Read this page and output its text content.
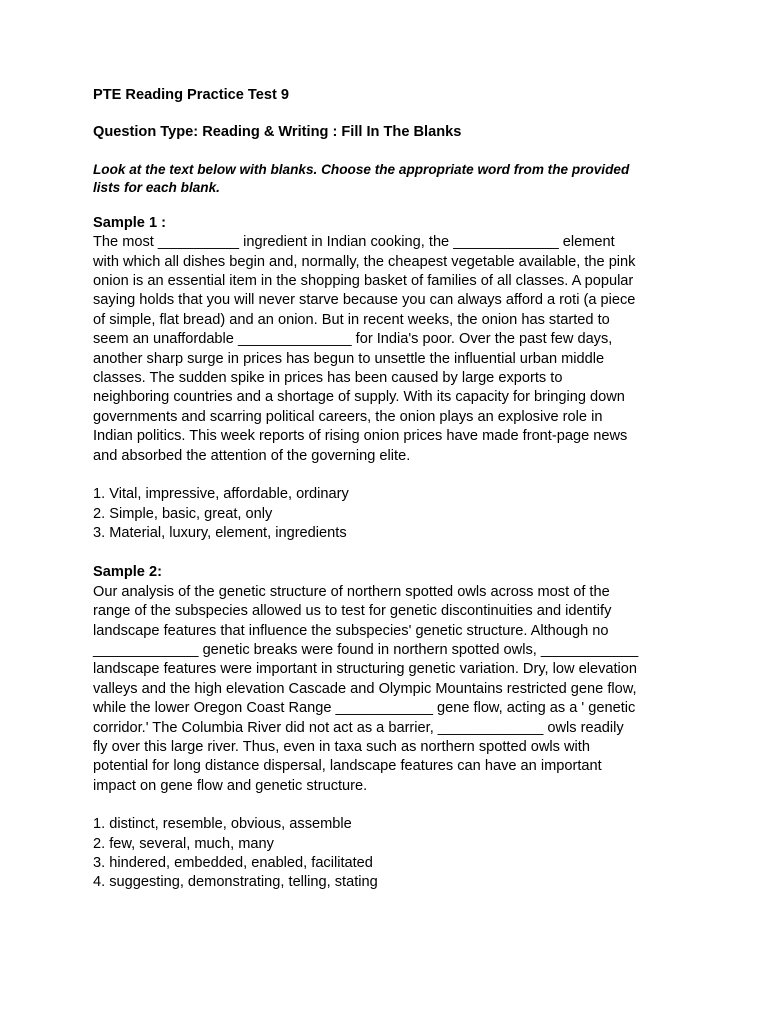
PTE Reading Practice Test 9
Question Type: Reading & Writing : Fill In The Blanks
Look at the text below with blanks. Choose the appropriate word from the provided
lists for each blank.
Sample 1 :
The most __________ ingredient in Indian cooking, the _____________ element
with which all dishes begin and, normally, the cheapest vegetable available, the pink
onion is an essential item in the shopping basket of families of all classes. A popular
saying holds that you will never starve because you can always afford a roti (a piece
of simple, flat bread) and an onion. But in recent weeks, the onion has started to
seem an unaffordable ______________ for India's poor. Over the past few days,
another sharp surge in prices has begun to unsettle the influential urban middle
classes. The sudden spike in prices has been caused by large exports to
neighboring countries and a shortage of supply. With its capacity for bringing down
governments and scarring political careers, the onion plays an explosive role in
Indian politics. This week reports of rising onion prices have made front-page news
and absorbed the attention of the governing elite.
1. Vital, impressive, affordable, ordinary
2. Simple, basic, great, only
3. Material, luxury, element, ingredients
Sample 2:
Our analysis of the genetic structure of northern spotted owls across most of the
range of the subspecies allowed us to test for genetic discontinuities and identify
landscape features that influence the subspecies' genetic structure. Although no
_____________ genetic breaks were found in northern spotted owls, ____________
landscape features were important in structuring genetic variation. Dry, low elevation
valleys and the high elevation Cascade and Olympic Mountains restricted gene flow,
while the lower Oregon Coast Range ____________ gene flow, acting as a ' genetic
corridor.' The Columbia River did not act as a barrier, _____________ owls readily
fly over this large river. Thus, even in taxa such as northern spotted owls with
potential for long distance dispersal, landscape features can have an important
impact on gene flow and genetic structure.
1. distinct, resemble, obvious, assemble
2. few, several, much, many
3. hindered, embedded, enabled, facilitated
4. suggesting, demonstrating, telling, stating
